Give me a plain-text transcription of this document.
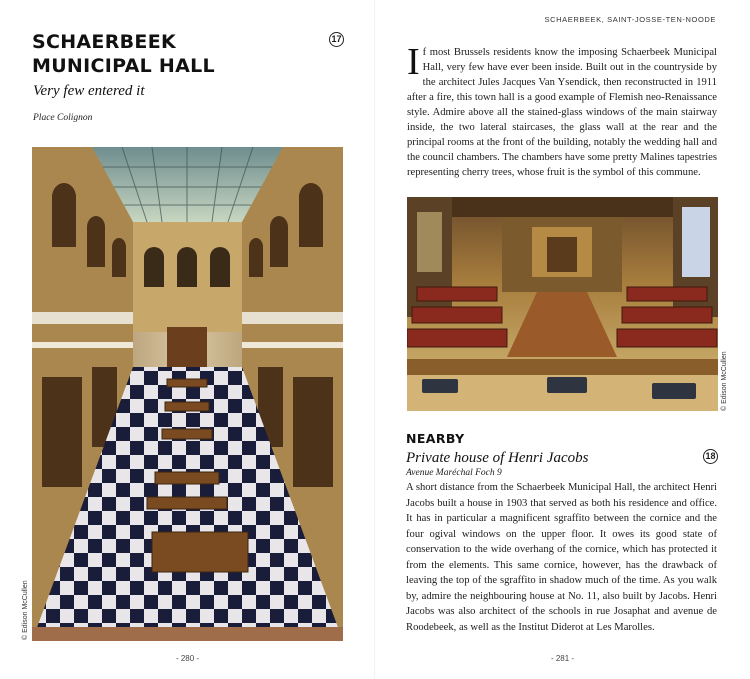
SCHAERBEEK
MUNICIPAL HALL
17
Very few entered it
Place Colignon
© Edison McCullen
- 280 -
SCHAERBEEK, SAINT-JOSSE-TEN-NOODE
If most Brussels residents know the imposing Schaerbeek Municipal Hall, very few have ever been inside. Built out in the countryside by the architect Jules Jacques Van Ysendick, then reconstructed in 1911 after a fire, this town hall is a good example of Flemish neo-Renaissance style. Admire above all the stained-glass windows of the main stairway inside, the two lateral staircases, the glass wall at the rear and the principal rooms at the front of the building, notably the wedding hall and the council chambers. The chambers have some pretty Malines tapestries representing cherry trees, whose fruit is the symbol of this commune.
© Edison McCullen
NEARBY
Private house of Henri Jacobs	18
Avenue Maréchal Foch 9
A short distance from the Schaerbeek Municipal Hall, the architect Henri Jacobs built a house in 1903 that served as both his residence and office. It has in particular a magnificent sgraffito between the cornice and the four ogival windows on the upper floor. It owes its good state of conservation to the wide overhang of the cornice, which has protected it from the elements. This same cornice, however, has the drawback of leaving the top of the sgraffito in shadow much of the time. As you walk by, admire the neighbouring house at No. 11, also built by Jacobs. Henri Jacobs was also architect of the schools in rue Josaphat and avenue de Roodebeek, as well as the Institut Diderot at Les Marolles.
- 281 -
